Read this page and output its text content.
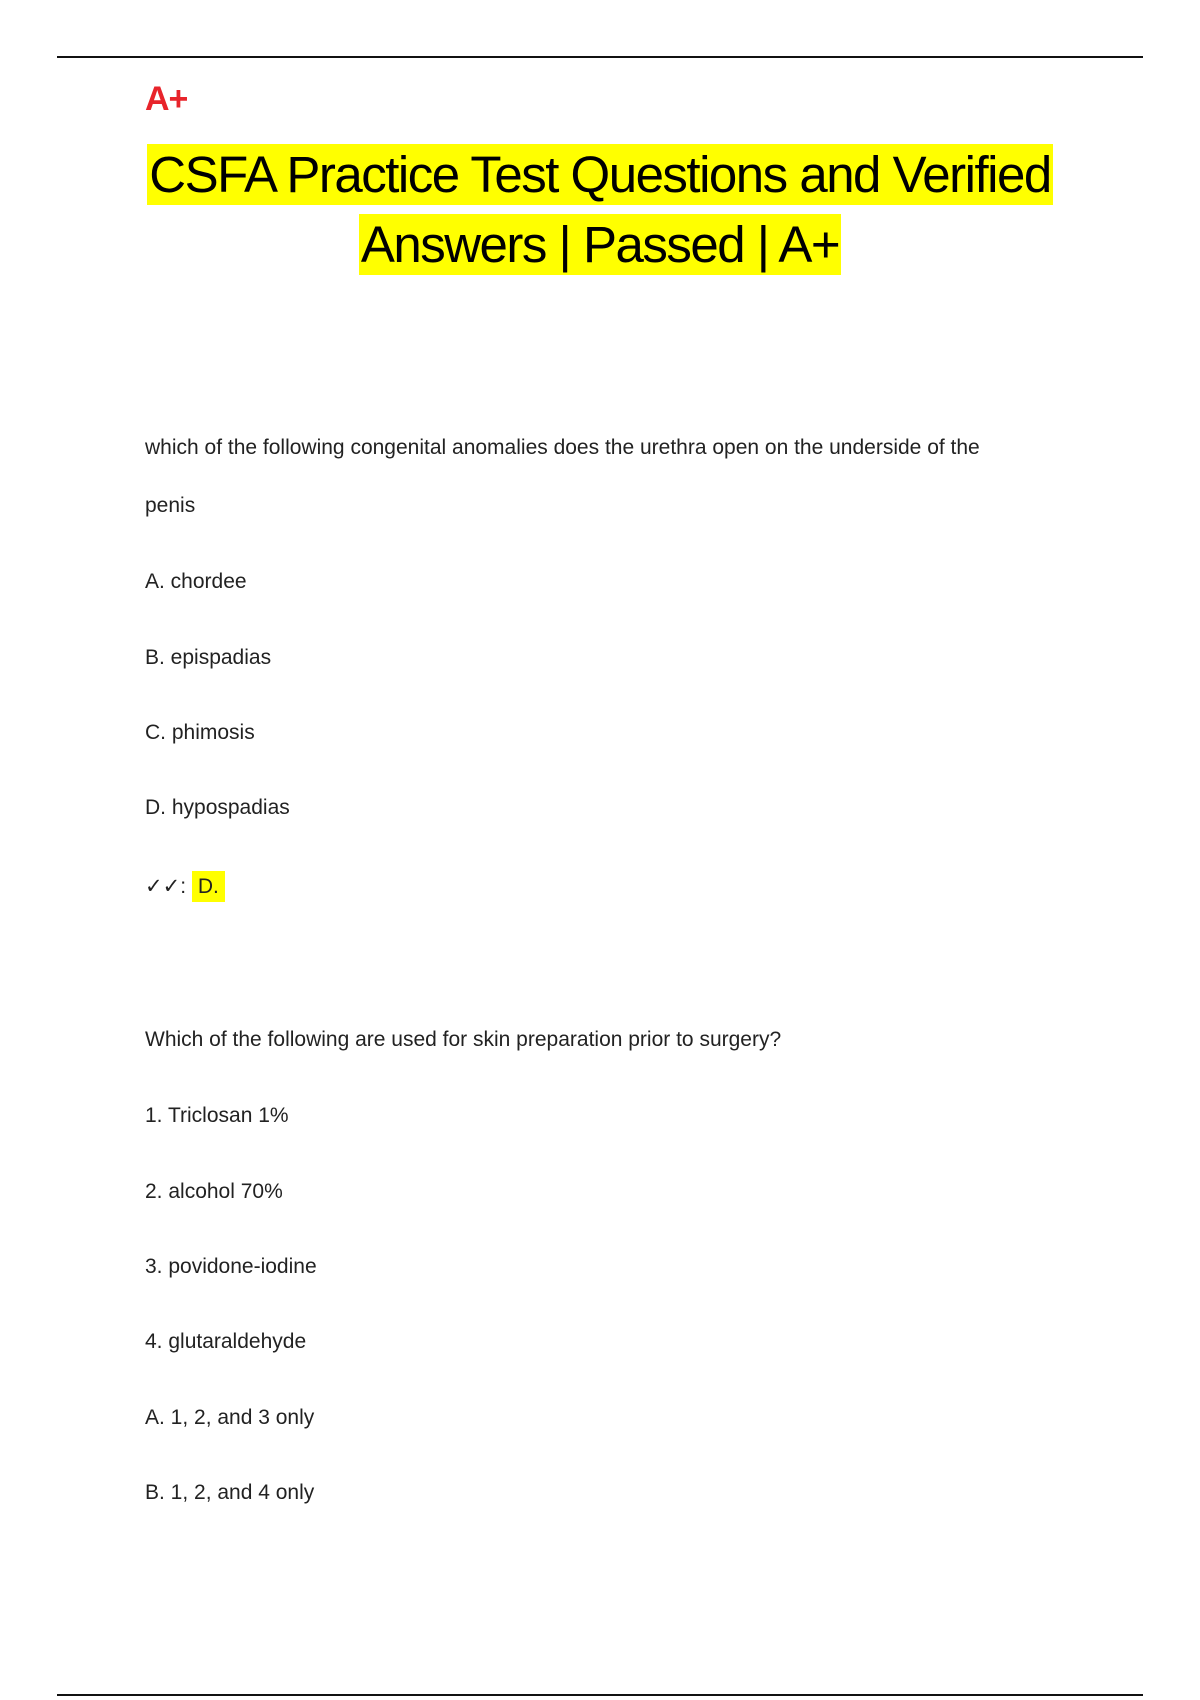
A+
CSFA Practice Test Questions and Verified
Answers | Passed | A+
which of the following congenital anomalies does the urethra open on the underside of the
penis
A. chordee
B. epispadias
C. phimosis
D. hypospadias
✓✓: D.
Which of the following are used for skin preparation prior to surgery?
1. Triclosan 1%
2. alcohol 70%
3. povidone-iodine
4. glutaraldehyde
A. 1, 2, and 3 only
B. 1, 2, and 4 only
